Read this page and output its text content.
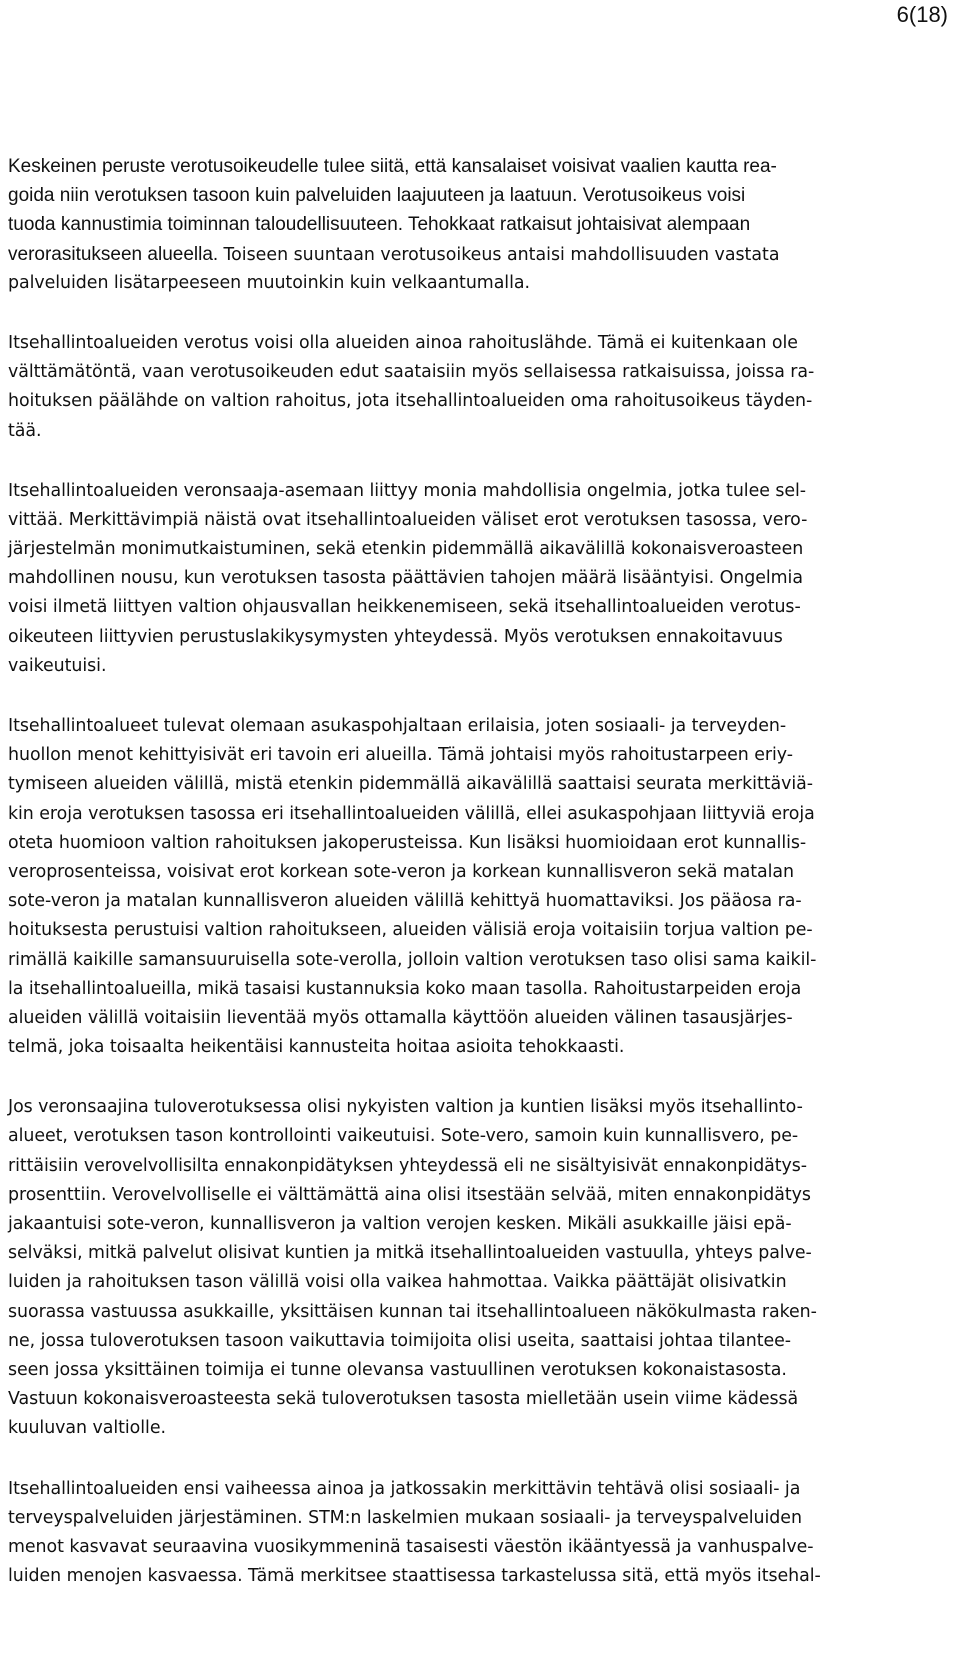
6(18)
Keskeinen peruste verotusoikeudelle tulee siitä, että kansalaiset voisivat vaalien kautta rea-
goida niin verotuksen tasoon kuin palveluiden laajuuteen ja laatuun. Verotusoikeus voisi
tuoda kannustimia toiminnan taloudellisuuteen. Tehokkaat ratkaisut johtaisivat alempaan
verorasitukseen alueella. Toiseen suuntaan verotusoikeus antaisi mahdollisuuden vastata
palveluiden lisätarpeeseen muutoinkin kuin velkaantumalla.
Itsehallintoalueiden verotus voisi olla alueiden ainoa rahoituslähde. Tämä ei kuitenkaan ole
välttämätöntä, vaan verotusoikeuden edut saataisiin myös sellaisessa ratkaisuissa, joissa ra-
hoituksen päälähde on valtion rahoitus, jota itsehallintoalueiden oma rahoitusoikeus täyden-
tää.
Itsehallintoalueiden veronsaaja-asemaan liittyy monia mahdollisia ongelmia, jotka tulee sel-
vittää. Merkittävimpiä näistä ovat itsehallintoalueiden väliset erot verotuksen tasossa, vero-
järjestelmän monimutkaistuminen, sekä etenkin pidemmällä aikavälillä kokonaisveroasteen
mahdollinen nousu, kun verotuksen tasosta päättävien tahojen määrä lisääntyisi. Ongelmia
voisi ilmetä liittyen valtion ohjausvallan heikkenemiseen, sekä itsehallintoalueiden verotus-
oikeuteen liittyvien perustuslakikysymysten yhteydessä. Myös verotuksen ennakoitavuus
vaikeutuisi.
Itsehallintoalueet tulevat olemaan asukaspohjaltaan erilaisia, joten sosiaali- ja terveyden-
huollon menot kehittyisivät eri tavoin eri alueilla. Tämä johtaisi myös rahoitustarpeen eriy-
tymiseen alueiden välillä, mistä etenkin pidemmällä aikavälillä saattaisi seurata merkittäviä-
kin eroja verotuksen tasossa eri itsehallintoalueiden välillä, ellei asukaspohjaan liittyviä eroja
oteta huomioon valtion rahoituksen jakoperusteissa. Kun lisäksi huomioidaan erot kunnallis-
veroprosenteissa, voisivat erot korkean sote-veron ja korkean kunnallisveron sekä matalan
sote-veron ja matalan kunnallisveron alueiden välillä kehittyä huomattaviksi. Jos pääosa ra-
hoituksesta perustuisi valtion rahoitukseen, alueiden välisiä eroja voitaisiin torjua valtion pe-
rimällä kaikille samansuuruisella sote-verolla, jolloin valtion verotuksen taso olisi sama kaikil-
la itsehallintoalueilla, mikä tasaisi kustannuksia koko maan tasolla. Rahoitustarpeiden eroja
alueiden välillä voitaisiin lieventää myös ottamalla käyttöön alueiden välinen tasausjärjes-
telmä, joka toisaalta heikentäisi kannusteita hoitaa asioita tehokkaasti.
Jos veronsaajina tuloverotuksessa olisi nykyisten valtion ja kuntien lisäksi myös itsehallinto-
alueet, verotuksen tason kontrollointi vaikeutuisi. Sote-vero, samoin kuin kunnallisvero, pe-
rittäisiin verovelvollisilta ennakonpidätyksen yhteydessä eli ne sisältyisivät ennakonpidätys-
prosenttiin. Verovelvolliselle ei välttämättä aina olisi itsestään selvää, miten ennakonpidätys
jakaantuisi sote-veron, kunnallisveron ja valtion verojen kesken. Mikäli asukkaille jäisi epä-
selväksi, mitkä palvelut olisivat kuntien ja mitkä itsehallintoalueiden vastuulla, yhteys palve-
luiden ja rahoituksen tason välillä voisi olla vaikea hahmottaa. Vaikka päättäjät olisivatkin
suorassa vastuussa asukkaille, yksittäisen kunnan tai itsehallintoalueen näkökulmasta raken-
ne, jossa tuloverotuksen tasoon vaikuttavia toimijoita olisi useita, saattaisi johtaa tilantee-
seen jossa yksittäinen toimija ei tunne olevansa vastuullinen verotuksen kokonaistasosta.
Vastuun kokonaisveroasteesta sekä tuloverotuksen tasosta mielletään usein viime kädessä
kuuluvan valtiolle.
Itsehallintoalueiden ensi vaiheessa ainoa ja jatkossakin merkittävin tehtävä olisi sosiaali- ja
terveyspalveluiden järjestäminen. STM:n laskelmien mukaan sosiaali- ja terveyspalveluiden
menot kasvavat seuraavina vuosikymmeninä tasaisesti väestön ikääntyessä ja vanhuspalve-
luiden menojen kasvaessa. Tämä merkitsee staattisessa tarkastelussa sitä, että myös itsehal-
